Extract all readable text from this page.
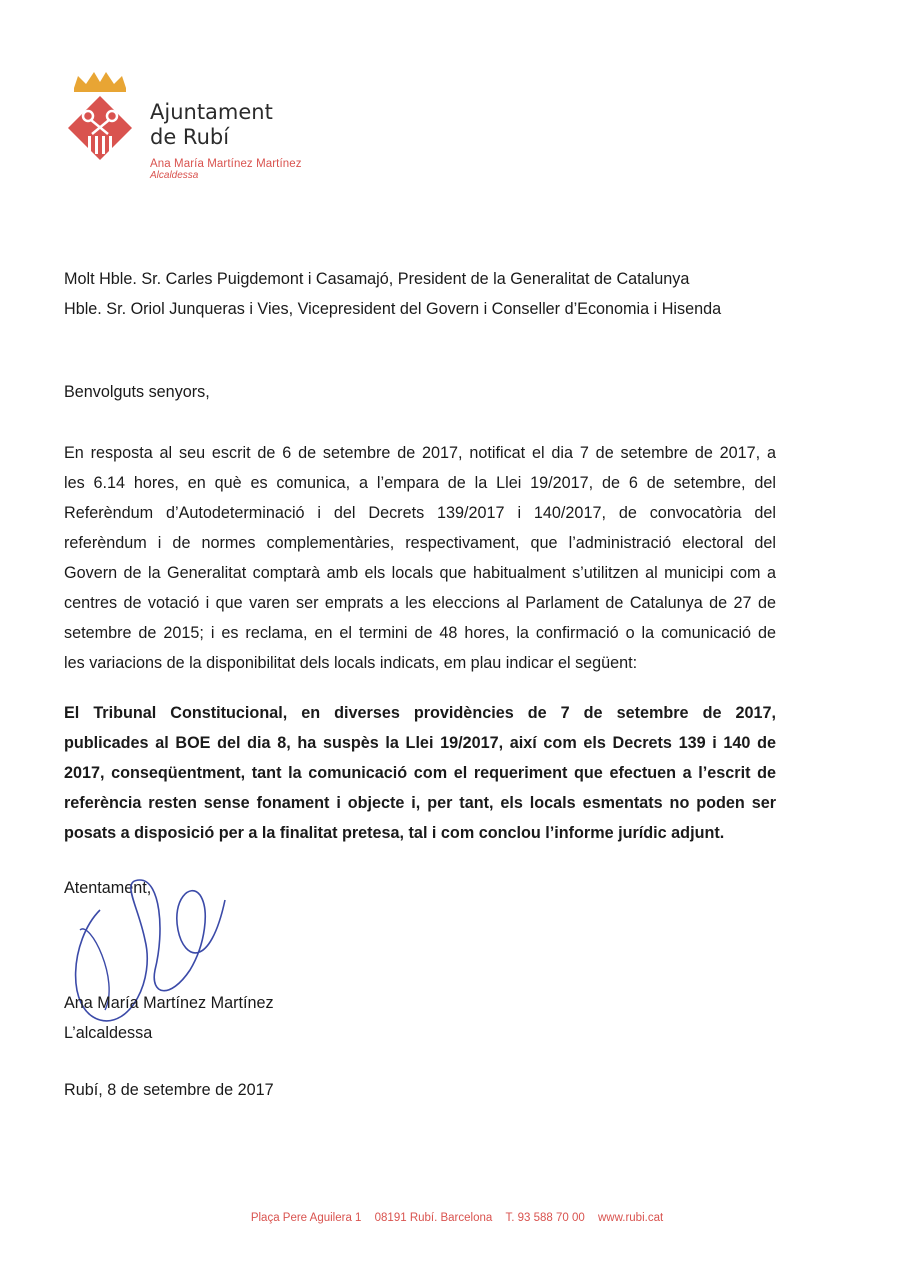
Ajuntament
de Rubí
Ana María Martínez Martínez
Alcaldessa
Molt Hble. Sr. Carles Puigdemont i Casamajó, President de la Generalitat de Catalunya
Hble. Sr. Oriol Junqueras i Vies, Vicepresident del Govern i Conseller d’Economia i Hisenda
Benvolguts senyors,
En resposta al seu escrit de 6 de setembre de 2017, notificat el dia 7 de setembre de 2017, a
les 6.14 hores, en què es comunica, a l’empara de la Llei 19/2017, de 6 de setembre, del
Referèndum d’Autodeterminació i del Decrets 139/2017 i 140/2017, de convocatòria del
referèndum i de normes complementàries, respectivament, que l’administració electoral del
Govern de la Generalitat comptarà amb els locals que habitualment s’utilitzen al municipi com a
centres de votació i que varen ser emprats a les eleccions al Parlament de Catalunya de 27 de
setembre de 2015; i es reclama, en el termini de 48 hores, la confirmació o la comunicació de
les variacions de la disponibilitat dels locals indicats, em plau indicar el següent:
El Tribunal Constitucional, en diverses providències de 7 de setembre de 2017,
publicades al BOE del dia 8, ha suspès la Llei 19/2017, així com els Decrets 139 i 140 de
2017, conseqüentment, tant la comunicació com el requeriment que efectuen a l’escrit de
referència resten sense fonament i objecte i, per tant, els locals esmentats no poden ser
posats a disposició per a la finalitat pretesa, tal i com conclou l’informe jurídic adjunt.
Atentament,
Ana María Martínez Martínez
L’alcaldessa
Rubí, 8 de setembre de 2017
Plaça Pere Aguilera 1 08191 Rubí. Barcelona T. 93 588 70 00 www.rubi.cat
